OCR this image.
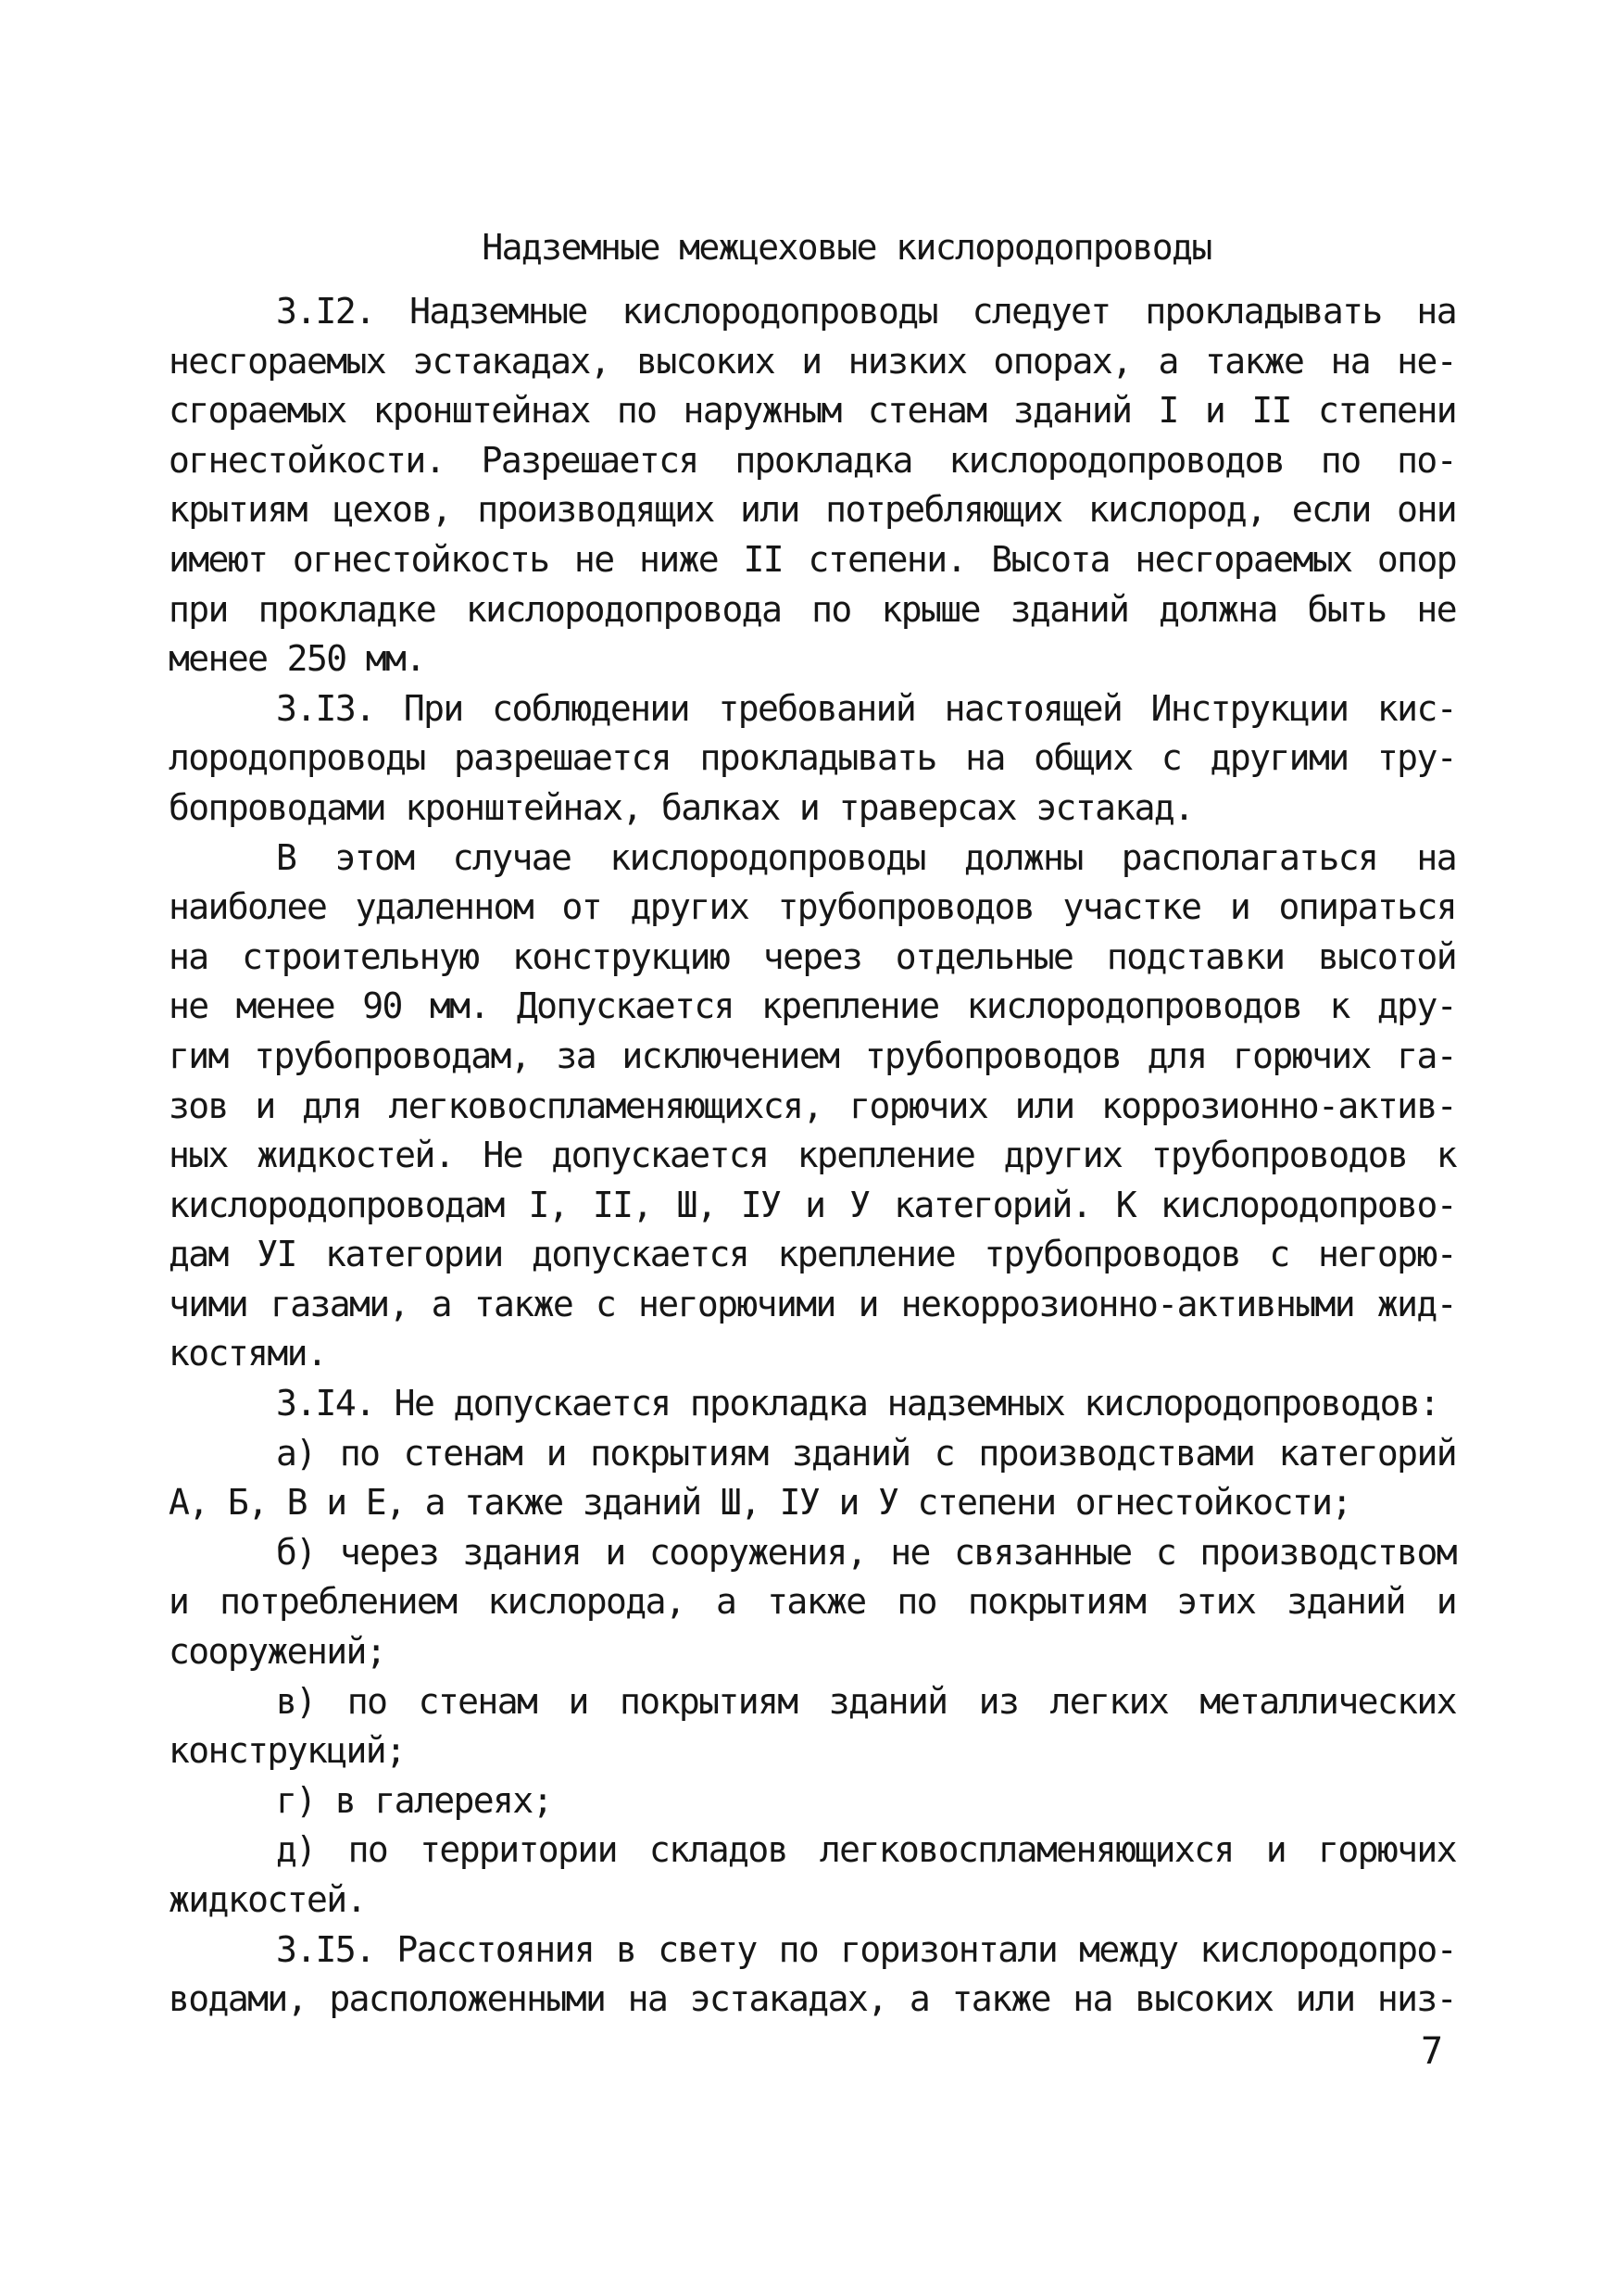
Надземные межцеховые кислородопроводы
3.I2. Надземные кислородопроводы следует прокладывать на
несгораемых эстакадах, высоких и низких опорах, а также на не-
сгораемых кронштейнах по наружным стенам зданий I и II степени
огнестойкости. Разрешается прокладка кислородопроводов по по-
крытиям цехов, производящих или потребляющих кислород, если они
имеют огнестойкость не ниже II степени. Высота несгораемых опор
при прокладке кислородопровода по крыше зданий должна быть не
менее 250 мм.
3.I3. При соблюдении требований настоящей Инструкции кис-
лородопроводы разрешается прокладывать на общих с другими тру-
бопроводами кронштейнах, балках и траверсах эстакад.
В этом случае кислородопроводы должны располагаться на
наиболее удаленном от других трубопроводов участке и опираться
на строительную конструкцию через отдельные подставки высотой
не менее 90 мм. Допускается крепление кислородопроводов к дру-
гим трубопроводам, за исключением трубопроводов для горючих га-
зов и для легковоспламеняющихся, горючих или коррозионно-актив-
ных жидкостей. Не допускается крепление других трубопроводов к
кислородопроводам I, II, Ш, IУ и У категорий. К кислородопрово-
дам УI категории допускается крепление трубопроводов с негорю-
чими газами, а также с негорючими и некоррозионно-активными жид-
костями.
3.I4. Не допускается прокладка надземных кислородопроводов:
а) по стенам и покрытиям зданий с производствами категорий
А, Б, В и Е, а также зданий Ш, IУ и У степени огнестойкости;
б) через здания и сооружения, не связанные с производством
и потреблением кислорода, а также по покрытиям этих зданий и
сооружений;
в) по стенам и покрытиям зданий из легких металлических
конструкций;
г) в галереях;
д) по территории складов легковоспламеняющихся и горючих
жидкостей.
3.I5. Расстояния в свету по горизонтали между кислородопро-
водами, расположенными на эстакадах, а также на высоких или низ-
7
